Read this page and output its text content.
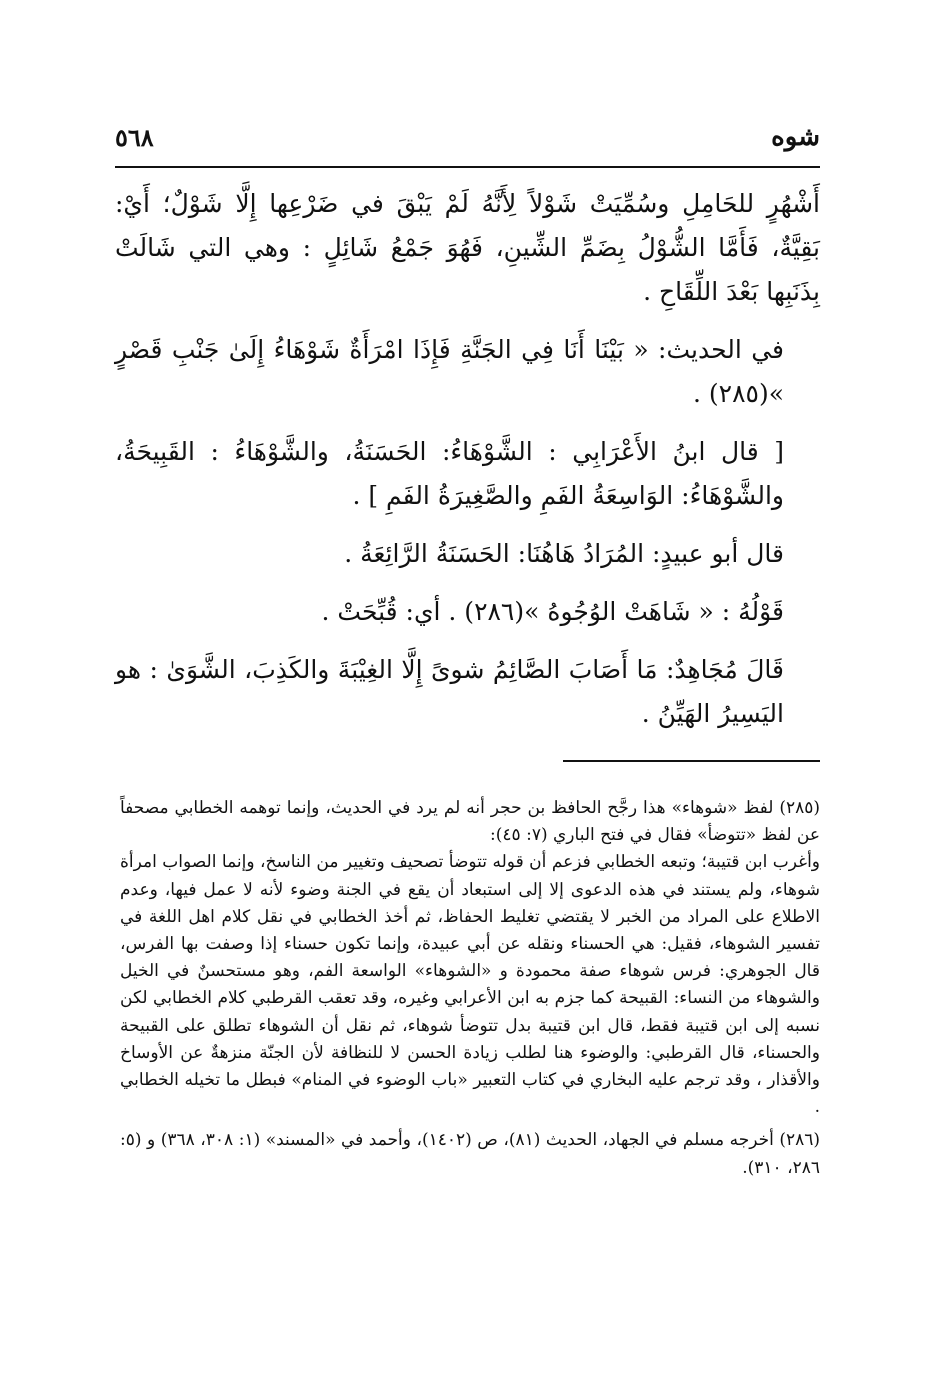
شوه
٥٦٨

أَشْهُرٍ للحَامِلِ وسُمِّيَتْ شَوْلاً لِأَنَّهُ لَمْ يَبْقَ في ضَرْعِها إِلَّا شَوْلٌ؛ أَيْ: بَقِيَّةٌ، فَأَمَّا الشُّوْلُ بِضَمِّ الشِّينِ، فَهُوَ جَمْعُ شَائِلٍ : وهي التي شَالَتْ بِذَنَبِها بَعْدَ اللِّقَاحِ .

في الحديث: « بَيْنَا أَنَا فِي الجَنَّةِ فَإِذَا امْرَأَةٌ شَوْهَاءُ إِلَىٰ جَنْبِ قَصْرٍ »(٢٨٥) .

[ قال ابنُ الأَعْرَابِي : الشَّوْهَاءُ: الحَسَنَةُ، والشَّوْهَاءُ : القَبِيحَةُ، والشَّوْهَاءُ: الوَاسِعَةُ الفَمِ والصَّغِيرَةُ الفَمِ ] .

قال أبو عبيدٍ: المُرَادُ هَاهُنَا: الحَسَنَةُ الرَّائِعَةُ .

قَوْلُهُ : « شَاهَتْ الوُجُوهُ »(٢٨٦) . أي: قُبِّحَتْ .

قَالَ مُجَاهِدٌ: مَا أَصَابَ الصَّائِمُ شوىً إِلَّا الغِيْبَةَ والكَذِبَ، الشَّوَىٰ : هو اليَسِيرُ الهَيِّنُ .

(٢٨٥) لفظ «شوهاء» هذا رجَّح الحافظ بن حجر أنه لم يرد في الحديث، وإنما توهمه الخطابي مصحفاً عن لفظ «تتوضأ» فقال في فتح الباري (٧: ٤٥):

وأغرب ابن قتيبة؛ وتبعه الخطابي فزعم أن قوله تتوضأ تصحيف وتغيير من الناسخ، وإنما الصواب امرأة شوهاء، ولم يستند في هذه الدعوى إلا إلى استبعاد أن يقع في الجنة وضوء لأنه لا عمل فيها، وعدم الاطلاع على المراد من الخبر لا يقتضي تغليط الحفاظ، ثم أخذ الخطابي في نقل كلام اهل اللغة في تفسير الشوهاء، فقيل: هي الحسناء ونقله عن أبي عبيدة، وإنما تكون حسناء إذا وصفت بها الفرس، قال الجوهري: فرس شوهاء صفة محمودة و «الشوهاء» الواسعة الفم، وهو مستحسنٌ في الخيل والشوهاء من النساء: القبيحة كما جزم به ابن الأعرابي وغيره، وقد تعقب القرطبي كلام الخطابي لكن نسبه إلى ابن قتيبة فقط، قال ابن قتيبة بدل تتوضأ شوهاء، ثم نقل أن الشوهاء تطلق على القبيحة والحسناء، قال القرطبي: والوضوء هنا لطلب زيادة الحسن لا للنظافة لأن الجنّة منزهةٌ عن الأوساخ والأقذار ، وقد ترجم عليه البخاري في كتاب التعبير «باب الوضوء في المنام» فبطل ما تخيله الخطابي .

(٢٨٦) أخرجه مسلم في الجهاد، الحديث (٨١)، ص (١٤٠٢)، وأحمد في «المسند» (١: ٣٠٨، ٣٦٨) و (٥: ٢٨٦، ٣١٠).
